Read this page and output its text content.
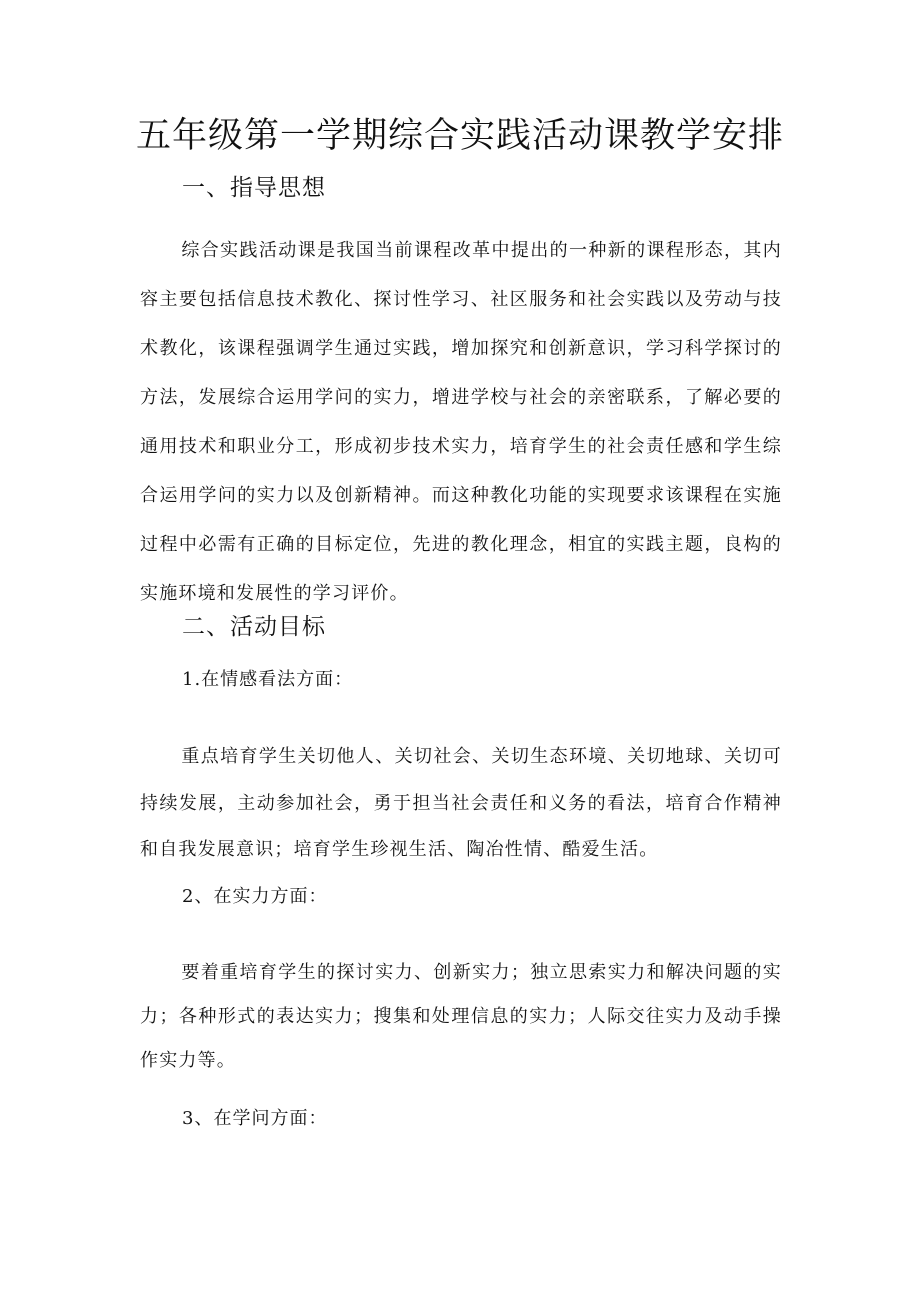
五年级第一学期综合实践活动课教学安排
一、指导思想

综合实践活动课是我国当前课程改革中提出的一种新的课程形态，其内容主要包括信息技术教化、探讨性学习、社区服务和社会实践以及劳动与技术教化，该课程强调学生通过实践，增加探究和创新意识，学习科学探讨的方法，发展综合运用学问的实力，增进学校与社会的亲密联系，了解必要的通用技术和职业分工，形成初步技术实力，培育学生的社会责任感和学生综合运用学问的实力以及创新精神。而这种教化功能的实现要求该课程在实施过程中必需有正确的目标定位，先进的教化理念，相宜的实践主题，良构的实施环境和发展性的学习评价。

二、活动目标
1.在情感看法方面：

重点培育学生关切他人、关切社会、关切生态环境、关切地球、关切可持续发展，主动参加社会，勇于担当社会责任和义务的看法，培育合作精神和自我发展意识；培育学生珍视生活、陶冶性情、酷爱生活。

2、在实力方面：

要着重培育学生的探讨实力、创新实力；独立思索实力和解决问题的实力；各种形式的表达实力；搜集和处理信息的实力；人际交往实力及动手操作实力等。

3、在学问方面：
